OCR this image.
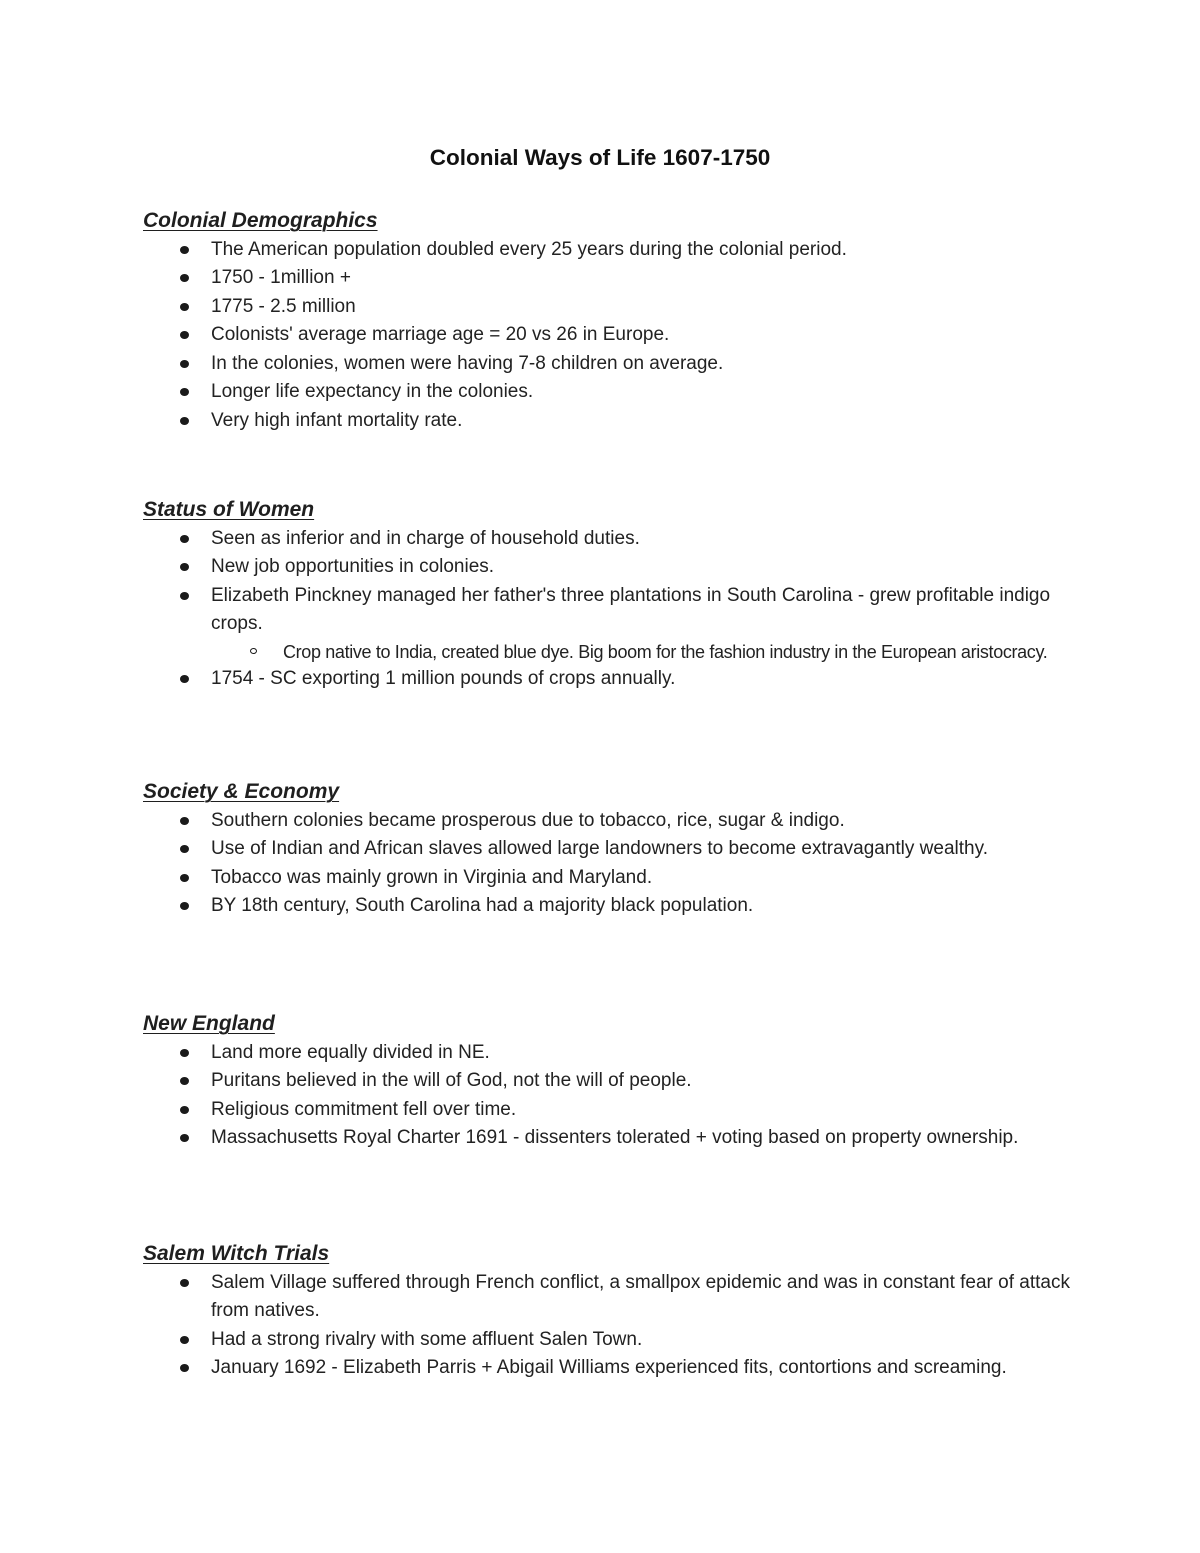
Colonial Ways of Life 1607-1750
Colonial Demographics
The American population doubled every 25 years during the colonial period.
1750 - 1million +
1775 - 2.5 million
Colonists' average marriage age = 20 vs 26 in Europe.
In the colonies, women were having 7-8 children on average.
Longer life expectancy in the colonies.
Very high infant mortality rate.
Status of Women
Seen as inferior and in charge of household duties.
New job opportunities in colonies.
Elizabeth Pinckney managed her father's three plantations in South Carolina - grew profitable indigo crops.
Crop native to India, created blue dye. Big boom for the fashion industry in the European aristocracy.
1754 - SC exporting 1 million pounds of crops annually.
Society & Economy
Southern colonies became prosperous due to tobacco, rice, sugar & indigo.
Use of Indian and African slaves allowed large landowners to become extravagantly wealthy.
Tobacco was mainly grown in Virginia and Maryland.
BY 18th century, South Carolina had a majority black population.
New England
Land more equally divided in NE.
Puritans believed in the will of God, not the will of people.
Religious commitment fell over time.
Massachusetts Royal Charter 1691 - dissenters tolerated + voting based on property ownership.
Salem Witch Trials
Salem Village suffered through French conflict, a smallpox epidemic and was in constant fear of attack from natives.
Had a strong rivalry with some affluent Salen Town.
January 1692 - Elizabeth Parris + Abigail Williams experienced fits, contortions and screaming.
